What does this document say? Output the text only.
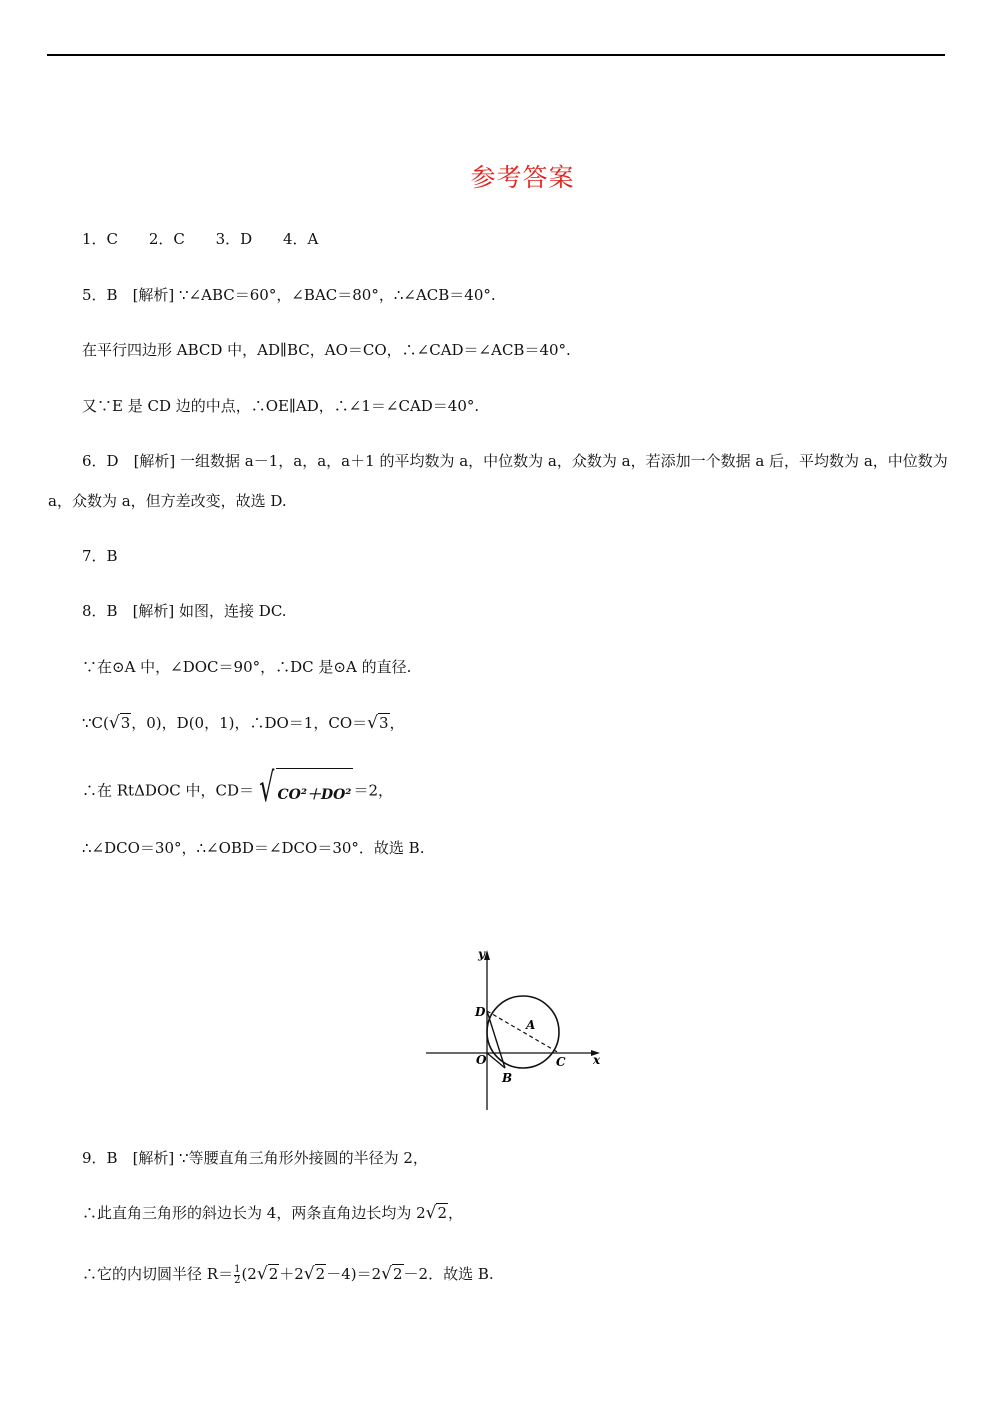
参考答案
1．C 2．C 3．D 4．A
5．B　[解析] ∵∠ABC＝60°，∠BAC＝80°，∴∠ACB＝40°.
在平行四边形 ABCD 中，AD∥BC，AO＝CO，∴∠CAD＝∠ACB＝40°.
又∵E 是 CD 边的中点，∴OE∥AD，∴∠1＝∠CAD＝40°.
6．D　[解析] 一组数据 a－1，a，a，a＋1 的平均数为 a，中位数为 a，众数为 a，若添加一个数据 a 后，平均数为 a，中位数为 a，众数为 a，但方差改变，故选 D.
7．B
8．B　[解析] 如图，连接 DC.
∵在⊙A 中，∠DOC＝90°，∴DC 是⊙A 的直径.
∵C(√3，0)，D(0，1)，∴DO＝1，CO＝√3，
∴在 RtΔDOC 中，CD＝ √ CO²＋DO² ＝2，
∴∠DCO＝30°，∴∠OBD＝∠DCO＝30°．故选 B.
y
x
D
A
O
B
C
9．B　[解析] ∵等腰直角三角形外接圆的半径为 2，
∴此直角三角形的斜边长为 4，两条直角边长均为 2√2，
∴它的内切圆半径 $R= \frac{1}{2} (2√2+2√2-4)=2√2-2$．故选 B.
